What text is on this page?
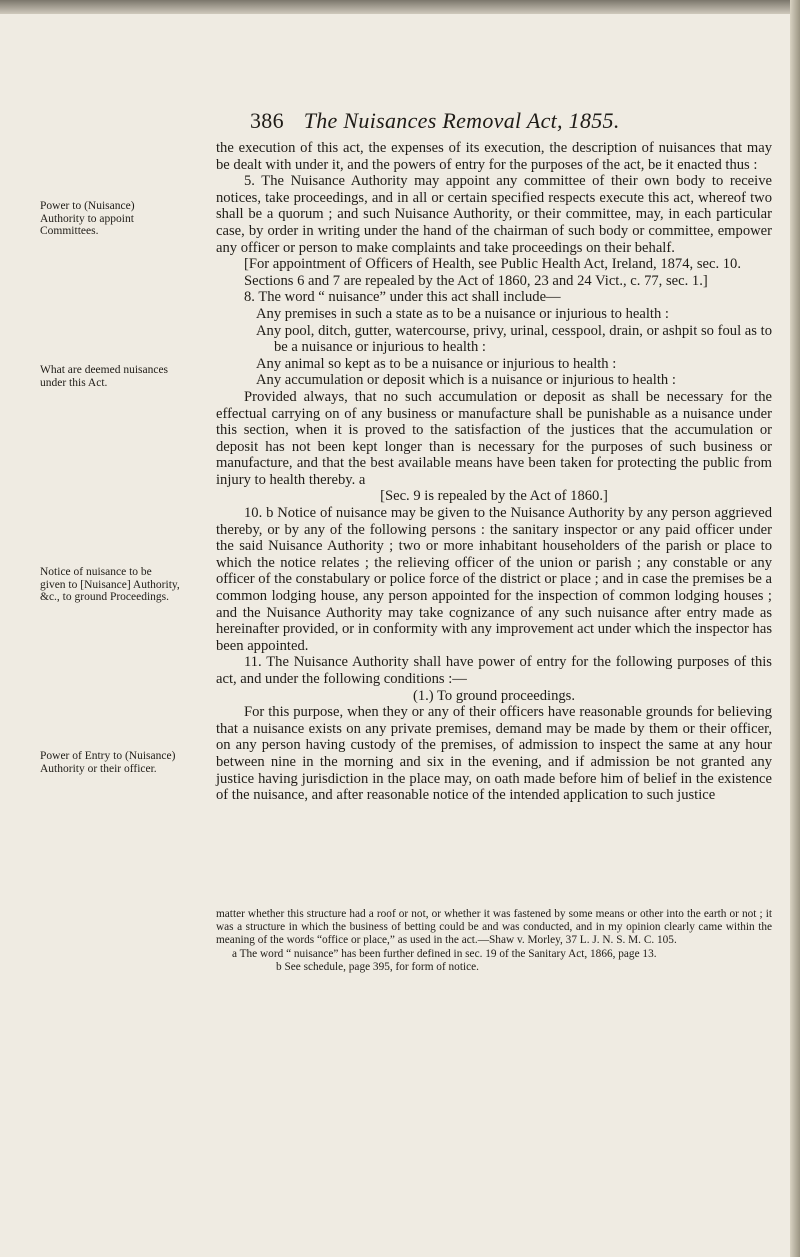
386 The Nuisances Removal Act, 1855.
Power to (Nuisance) Authority to appoint Committees.
What are deemed nuisances under this Act.
Notice of nuisance to be given to [Nuisance] Authority, &c., to ground Proceedings.
Power of Entry to (Nuisance) Authority or their officer.

the execution of this act, the expenses of its execution, the description of nuisances that may be dealt with under it, and the powers of entry for the purposes of the act, be it enacted thus :

5. The Nuisance Authority may appoint any committee of their own body to receive notices, take proceedings, and in all or certain specified respects execute this act, whereof two shall be a quorum ; and such Nuisance Authority, or their committee, may, in each particular case, by order in writing under the hand of the chairman of such body or committee, empower any officer or person to make complaints and take proceedings on their behalf.

[For appointment of Officers of Health, see Public Health Act, Ireland, 1874, sec. 10.

Sections 6 and 7 are repealed by the Act of 1860, 23 and 24 Vict., c. 77, sec. 1.]

8. The word “ nuisance” under this act shall include—

Any premises in such a state as to be a nuisance or injurious to health :

Any pool, ditch, gutter, watercourse, privy, urinal, cesspool, drain, or ashpit so foul as to be a nuisance or injurious to health :

Any animal so kept as to be a nuisance or injurious to health :

Any accumulation or deposit which is a nuisance or injurious to health :

Provided always, that no such accumulation or deposit as shall be necessary for the effectual carrying on of any business or manufacture shall be punishable as a nuisance under this section, when it is proved to the satisfaction of the justices that the accumulation or deposit has not been kept longer than is necessary for the purposes of such business or manufacture, and that the best available means have been taken for protecting the public from injury to health thereby. a

[Sec. 9 is repealed by the Act of 1860.]

10. b Notice of nuisance may be given to the Nuisance Authority by any person aggrieved thereby, or by any of the following persons : the sanitary inspector or any paid officer under the said Nuisance Authority ; two or more inhabitant householders of the parish or place to which the notice relates ; the relieving officer of the union or parish ; any constable or any officer of the constabulary or police force of the district or place ; and in case the premises be a common lodging house, any person appointed for the inspection of common lodging houses ; and the Nuisance Authority may take cognizance of any such nuisance after entry made as hereinafter provided, or in conformity with any improvement act under which the inspector has been appointed.

11. The Nuisance Authority shall have power of entry for the following purposes of this act, and under the following conditions :—

(1.) To ground proceedings.

For this purpose, when they or any of their officers have reasonable grounds for believing that a nuisance exists on any private premises, demand may be made by them or their officer, on any person having custody of the premises, of admission to inspect the same at any hour between nine in the morning and six in the evening, and if admission be not granted any justice having jurisdiction in the place may, on oath made before him of belief in the existence of the nuisance, and after reasonable notice of the intended application to such justice

matter whether this structure had a roof or not, or whether it was fastened by some means or other into the earth or not ; it was a structure in which the business of betting could be and was conducted, and in my opinion clearly came within the meaning of the words “office or place,” as used in the act.—Shaw v. Morley, 37 L. J. N. S. M. C. 105.

a The word “ nuisance” has been further defined in sec. 19 of the Sanitary Act, 1866, page 13.

b See schedule, page 395, for form of notice.
